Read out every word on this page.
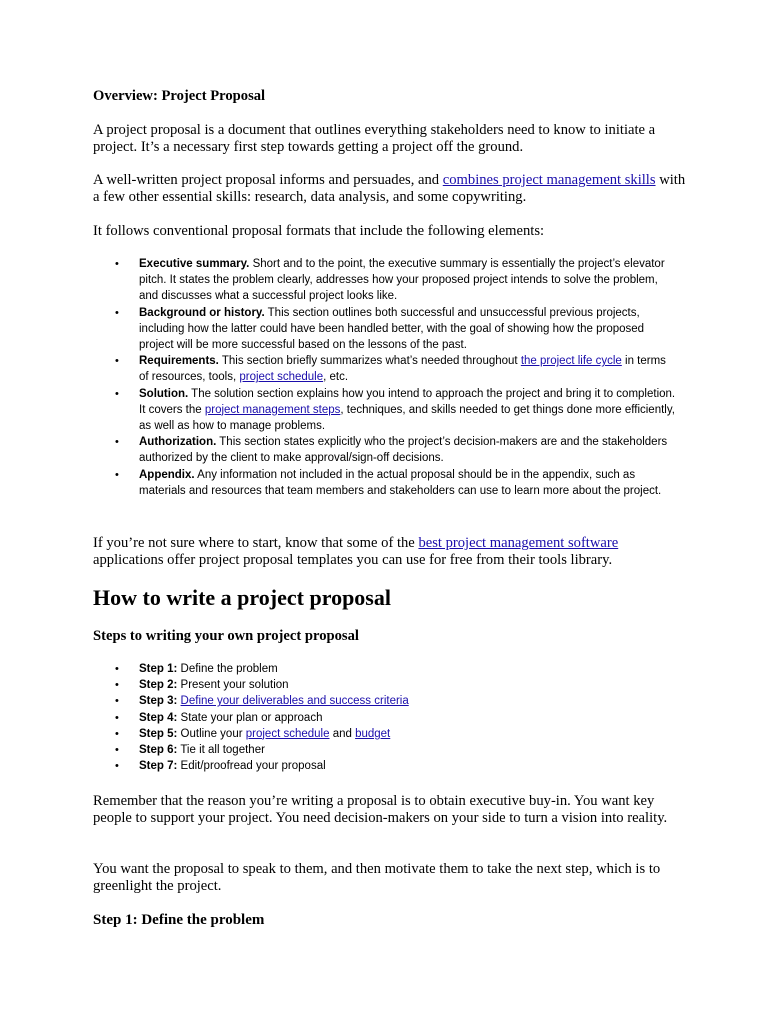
Overview: Project Proposal

A project proposal is a document that outlines everything stakeholders need to know to initiate a project. It’s a necessary first step towards getting a project off the ground.

A well-written project proposal informs and persuades, and combines project management skills with a few other essential skills: research, data analysis, and some copywriting.

It follows conventional proposal formats that include the following elements:

• Executive summary. Short and to the point, the executive summary is essentially the project’s elevator pitch. It states the problem clearly, addresses how your proposed project intends to solve the problem, and discusses what a successful project looks like.
• Background or history. This section outlines both successful and unsuccessful previous projects, including how the latter could have been handled better, with the goal of showing how the proposed project will be more successful based on the lessons of the past.
• Requirements. This section briefly summarizes what’s needed throughout the project life cycle in terms of resources, tools, project schedule, etc.
• Solution. The solution section explains how you intend to approach the project and bring it to completion. It covers the project management steps, techniques, and skills needed to get things done more efficiently, as well as how to manage problems.
• Authorization. This section states explicitly who the project’s decision-makers are and the stakeholders authorized by the client to make approval/sign-off decisions.
• Appendix. Any information not included in the actual proposal should be in the appendix, such as materials and resources that team members and stakeholders can use to learn more about the project.

If you’re not sure where to start, know that some of the best project management software applications offer project proposal templates you can use for free from their tools library.

How to write a project proposal

Steps to writing your own project proposal

• Step 1: Define the problem
• Step 2: Present your solution
• Step 3: Define your deliverables and success criteria
• Step 4: State your plan or approach
• Step 5: Outline your project schedule and budget
• Step 6: Tie it all together
• Step 7: Edit/proofread your proposal

Remember that the reason you’re writing a proposal is to obtain executive buy-in. You want key people to support your project. You need decision-makers on your side to turn a vision into reality.

You want the proposal to speak to them, and then motivate them to take the next step, which is to greenlight the project.

Step 1: Define the problem
